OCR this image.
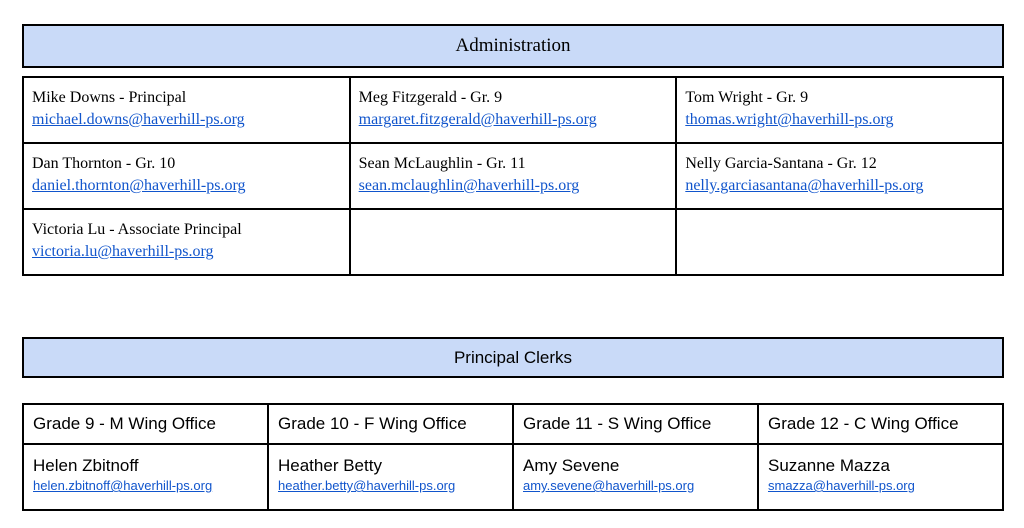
Administration
Mike Downs - Principal
michael.downs@haverhill-ps.org	Meg Fitzgerald - Gr. 9
margaret.fitzgerald@haverhill-ps.org	Tom Wright - Gr. 9
thomas.wright@haverhill-ps.org

Dan Thornton - Gr. 10
daniel.thornton@haverhill-ps.org	Sean McLaughlin - Gr. 11
sean.mclaughlin@haverhill-ps.org	Nelly Garcia-Santana - Gr. 12
nelly.garciasantana@haverhill-ps.org

Victoria Lu - Associate Principal
victoria.lu@haverhill-ps.org		
Principal Clerks
Grade 9 - M Wing Office	Grade 10 - F Wing Office	Grade 11 - S Wing Office	Grade 12 - C Wing Office

Helen Zbitnoff
helen.zbitnoff@haverhill-ps.org	Heather Betty
heather.betty@haverhill-ps.org	Amy Sevene
amy.sevene@haverhill-ps.org	Suzanne Mazza
smazza@haverhill-ps.org
